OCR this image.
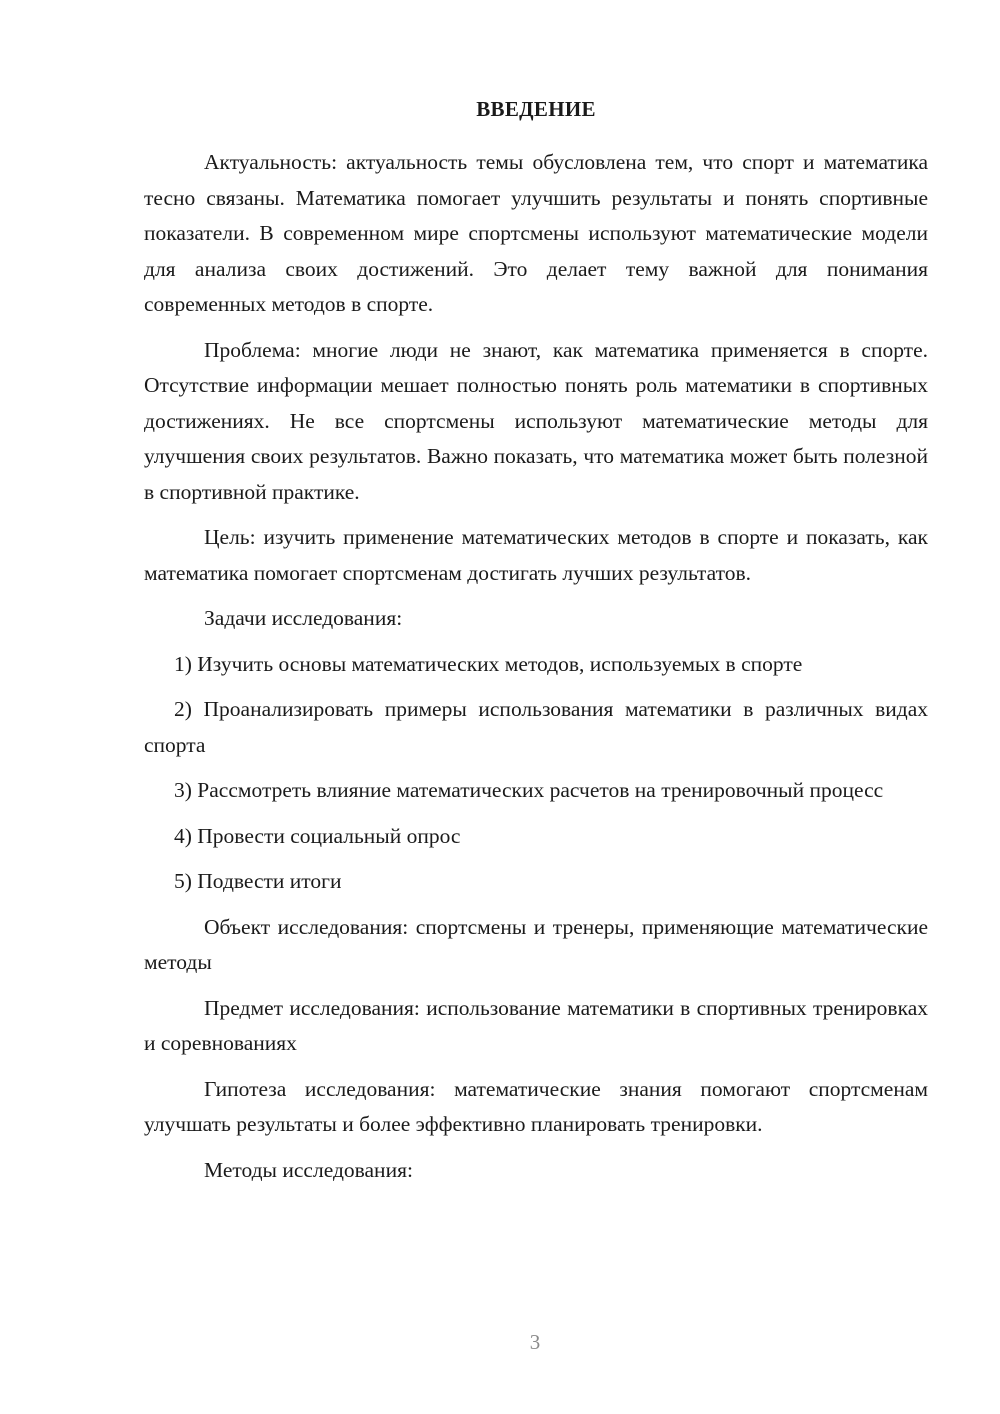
ВВЕДЕНИЕ

Актуальность: актуальность темы обусловлена тем, что спорт и математика тесно связаны. Математика помогает улучшить результаты и понять спортивные показатели. В современном мире спортсмены используют математические модели для анализа своих достижений. Это делает тему важной для понимания современных методов в спорте.

Проблема: многие люди не знают, как математика применяется в спорте. Отсутствие информации мешает полностью понять роль математики в спортивных достижениях. Не все спортсмены используют математические методы для улучшения своих результатов. Важно показать, что математика может быть полезной в спортивной практике.

Цель: изучить применение математических методов в спорте и показать, как математика помогает спортсменам достигать лучших результатов.

Задачи исследования:

1) Изучить основы математических методов, используемых в спорте

2) Проанализировать примеры использования математики в различных видах спорта

3) Рассмотреть влияние математических расчетов на тренировочный процесс

4) Провести социальный опрос

5) Подвести итоги

Объект исследования: спортсмены и тренеры, применяющие математические методы

Предмет исследования: использование математики в спортивных тренировках и соревнованиях

Гипотеза исследования: математические знания помогают спортсменам улучшать результаты и более эффективно планировать тренировки.

Методы исследования:

3
